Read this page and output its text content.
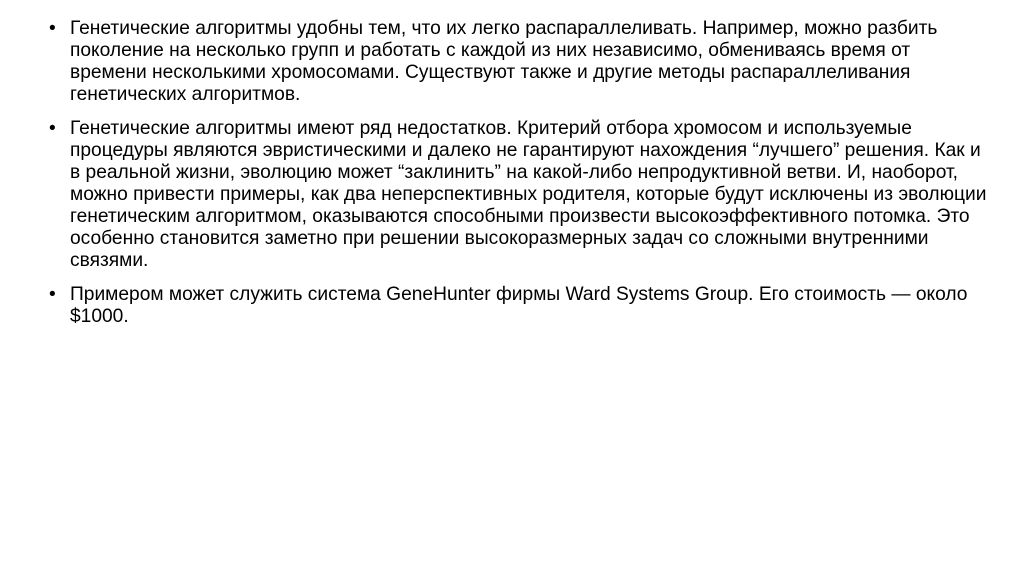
• Генетические алгоритмы удобны тем, что их легко распараллеливать. Например, можно разбить поколение на несколько групп и работать с каждой из них независимо, обмениваясь время от времени несколькими хромосомами. Существуют также и другие методы распараллеливания генетических алгоритмов.
• Генетические алгоритмы имеют ряд недостатков. Критерий отбора хромосом и используемые процедуры являются эвристическими и далеко не гарантируют нахождения “лучшего” решения. Как и в реальной жизни, эволюцию может “заклинить” на какой-либо непродуктивной ветви. И, наоборот, можно привести примеры, как два неперспективных родителя, которые будут исключены из эволюции генетическим алгоритмом, оказываются способными произвести высокоэффективного потомка. Это особенно становится заметно при решении высокоразмерных задач со сложными внутренними связями.
• Примером может служить система GeneHunter фирмы Ward Systems Group. Его стоимость — около $1000.
